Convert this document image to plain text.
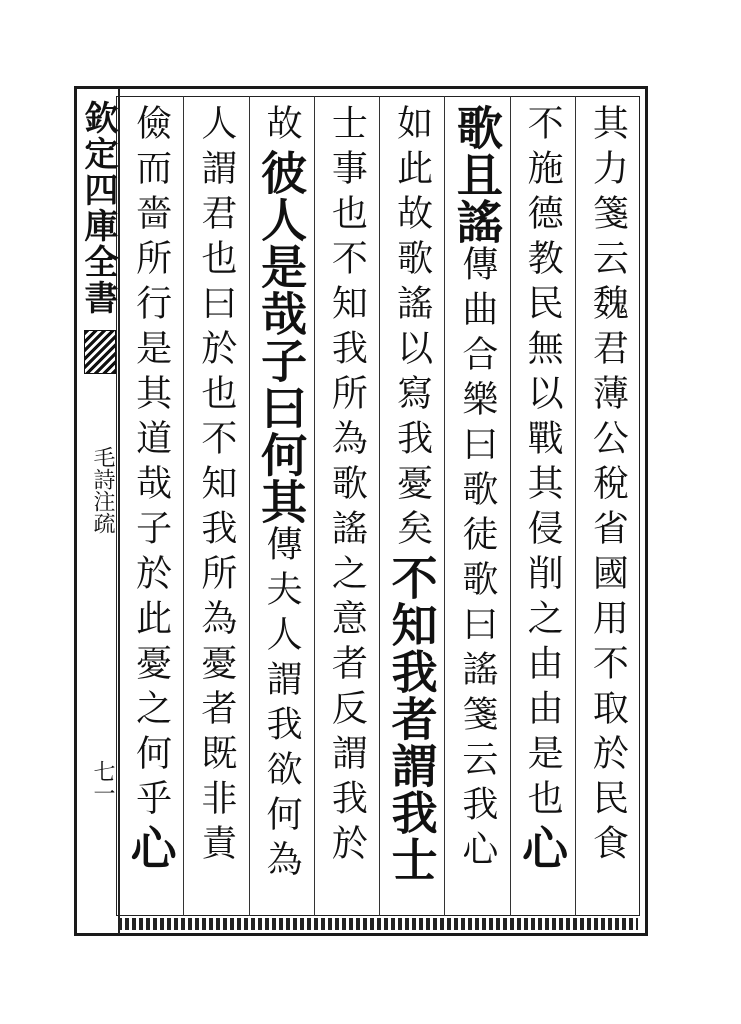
欽定四庫全書
毛詩注疏
七一
其力箋云魏君薄公稅省國用不取於民食
不施德教民無以戰其侵削之由由是也心
歌且謠傳曲合樂曰歌徒歌曰謠箋云我心
如此故歌謠以寫我憂矣不知我者謂我士
士事也不知我所為歌謠之意者反謂我於
故彼人是哉子曰何其傳夫人謂我欲何為
人謂君也曰於也不知我所為憂者既非責
儉而嗇所行是其道哉子於此憂之何乎心
